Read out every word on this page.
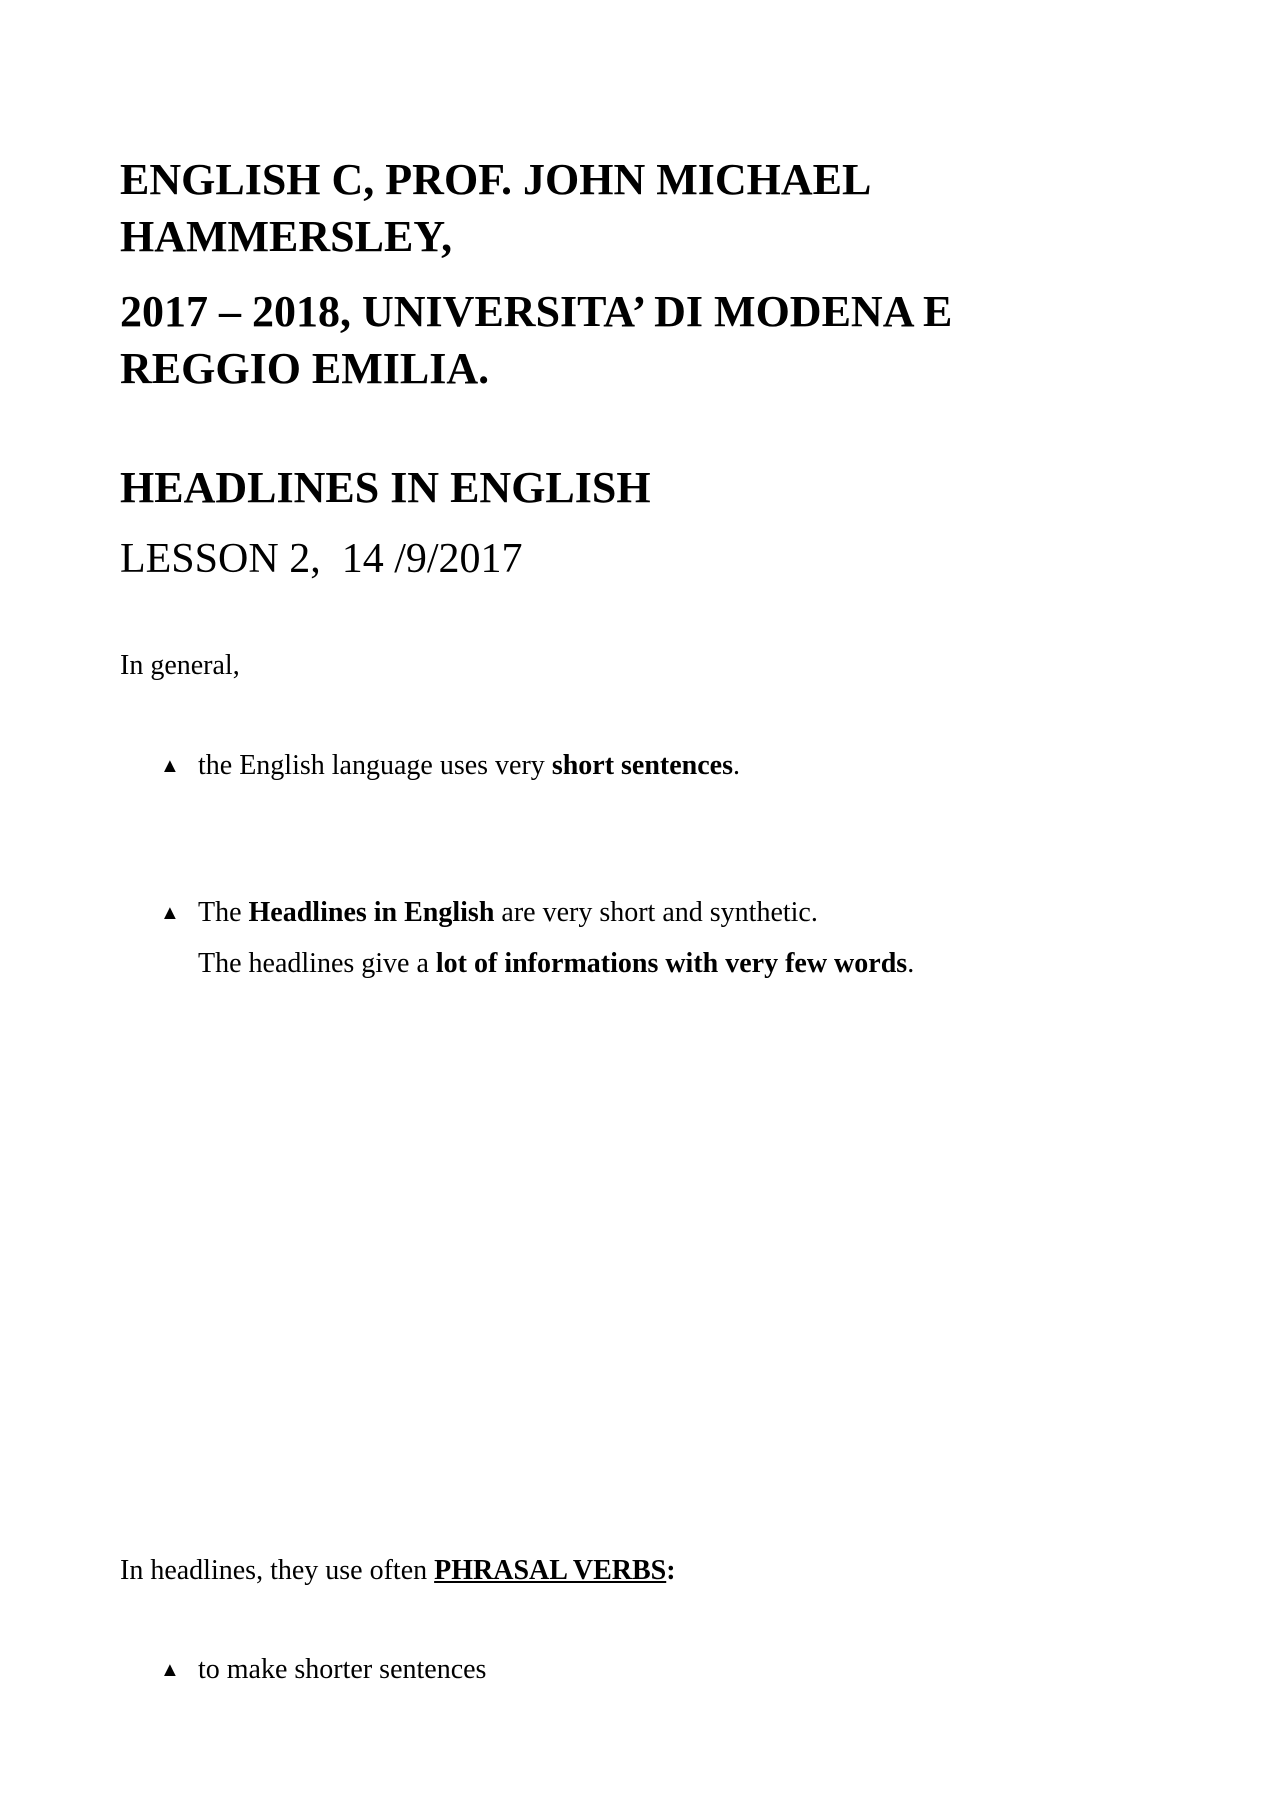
ENGLISH C, PROF. JOHN MICHAEL HAMMERSLEY,
2017 – 2018, UNIVERSITA’ DI MODENA E REGGIO EMILIA.
HEADLINES IN ENGLISH

LESSON 2,  14 /9/2017

In general,

▲

the English language uses very short sentences.

▲

The Headlines in English are very short and synthetic.

The headlines give a lot of informations with very few words.

In headlines, they use often PHRASAL VERBS:

▲

to make shorter sentences
